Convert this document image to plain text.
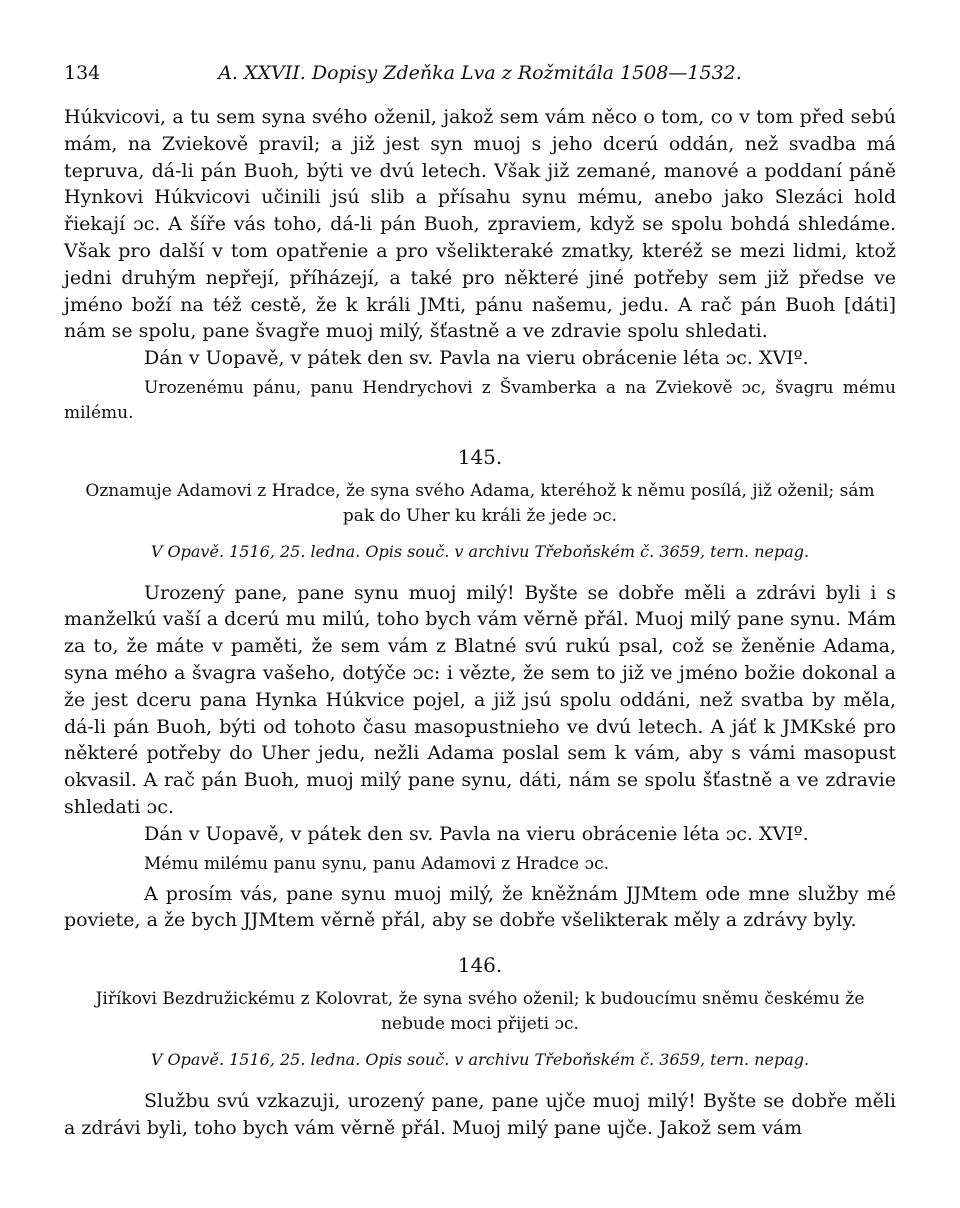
134	A. XXVII. Dopisy Zdeňka Lva z Rožmitála 1508—1532.

Húkvicovi, a tu sem syna svého oženil, jakož sem vám něco o tom, co v tom před sebú mám, na Zviekově pravil; a již jest syn muoj s jeho dcerú oddán, než svadba má tepruva, dá-li pán Buoh, býti ve dvú letech. Však již zemané, manové a poddaní páně Hynkovi Húkvicovi učinili jsú slib a přísahu synu mému, anebo jako Slezáci hold řiekají ɔc. A šíře vás toho, dá-li pán Buoh, zpraviem, když se spolu bohdá shledáme. Však pro další v tom opatřenie a pro všelikteraké zmatky, kteréž se mezi lidmi, ktož jedni druhým nepřejí, příházejí, a také pro některé jiné potřeby sem již předse ve jméno boží na též cestě, že k králi JMti, pánu našemu, jedu. A rač pán Buoh [dáti] nám se spolu, pane švagře muoj milý, šťastně a ve zdravie spolu shledati.

Dán v Uopavě, v pátek den sv. Pavla na vieru obrácenie léta ɔc. XVIº.

Urozenému pánu, panu Hendrychovi z Švamberka a na Zviekově ɔc, švagru mému milému.

145.

Oznamuje Adamovi z Hradce, že syna svého Adama, kteréhož k němu posílá, již oženil; sám pak do Uher ku králi že jede ɔc.

V Opavě. 1516, 25. ledna. Opis souč. v archivu Třeboňském č. 3659, tern. nepag.

Urozený pane, pane synu muoj milý! Byšte se dobře měli a zdrávi byli i s manželkú vaší a dcerú mu milú, toho bych vám věrně přál. Muoj milý pane synu. Mám za to, že máte v paměti, že sem vám z Blatné svú rukú psal, což se ženěnie Adama, syna mého a švagra vašeho, dotýče ɔc: i vězte, že sem to již ve jméno božie dokonal a že jest dceru pana Hynka Húkvice pojel, a již jsú spolu oddáni, než svatba by měla, dá-li pán Buoh, býti od tohoto času masopustnieho ve dvú letech. A jáť k JMKské pro některé potřeby do Uher jedu, nežli Adama poslal sem k vám, aby s vámi masopust okvasil. A rač pán Buoh, muoj milý pane synu, dáti, nám se spolu šťastně a ve zdravie shledati ɔc.

Dán v Uopavě, v pátek den sv. Pavla na vieru obrácenie léta ɔc. XVIº.

Mému milému panu synu, panu Adamovi z Hradce ɔc.

A prosím vás, pane synu muoj milý, že kněžnám JJMtem ode mne služby mé poviete, a že bych JJMtem věrně přál, aby se dobře všelikterak měly a zdrávy byly.

146.

Jiříkovi Bezdružickému z Kolovrat, že syna svého oženil; k budoucímu sněmu českému že nebude moci přijeti ɔc.

V Opavě. 1516, 25. ledna. Opis souč. v archivu Třeboňském č. 3659, tern. nepag.

Službu svú vzkazuji, urozený pane, pane ujče muoj milý! Byšte se dobře měli a zdrávi byli, toho bych vám věrně přál. Muoj milý pane ujče. Jakož sem vám
